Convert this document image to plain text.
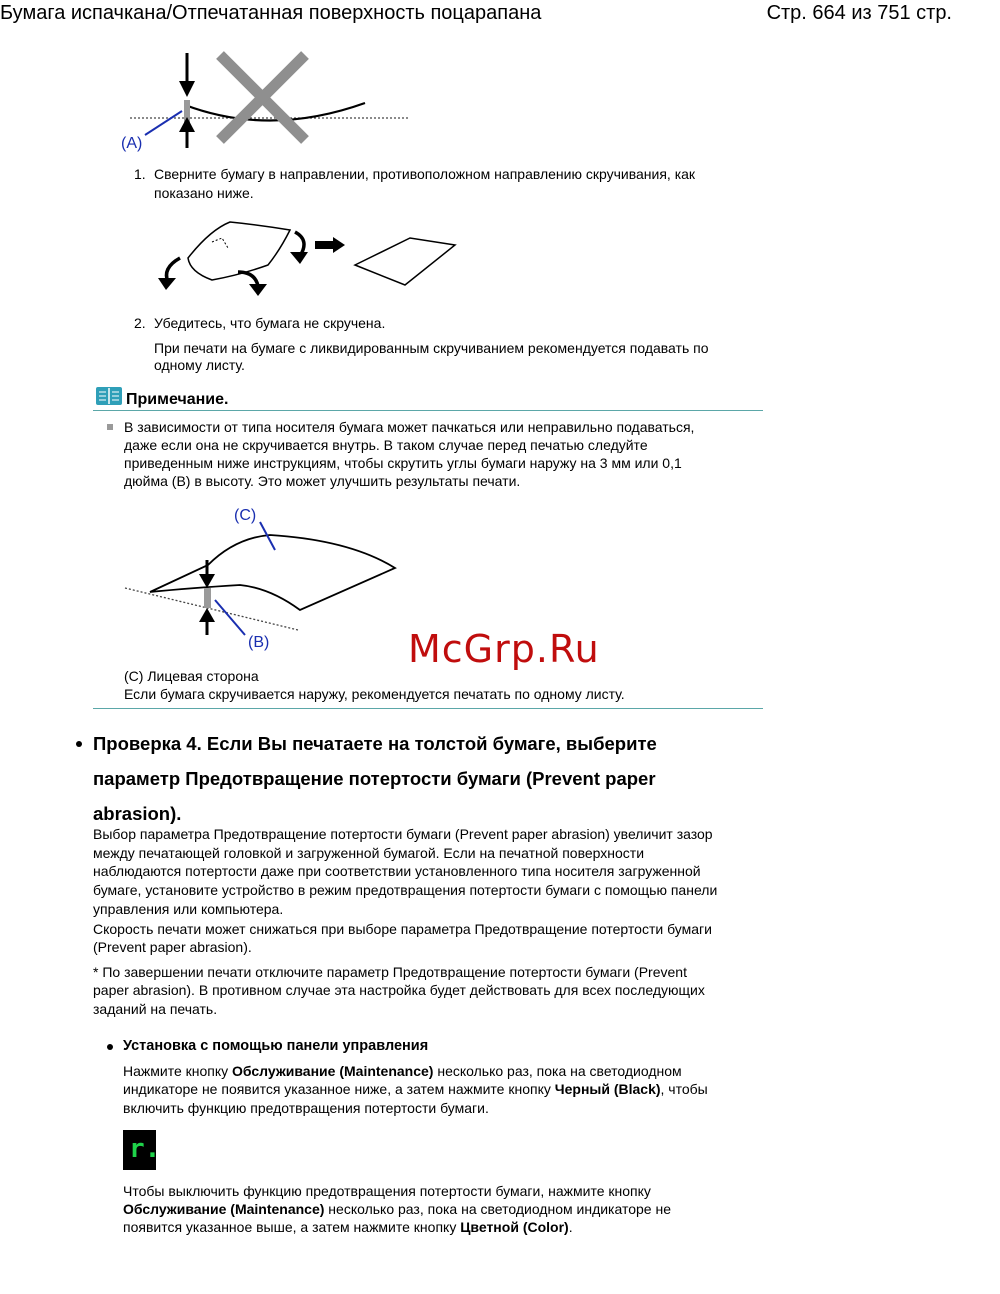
Бумага испачкана/Отпечатанная поверхность поцарапана	Стр. 664 из 751 стр.
(A)
1. Сверните бумагу в направлении, противоположном направлению скручивания, как
показано ниже.
2. Убедитесь, что бумага не скручена.
При печати на бумаге с ликвидированным скручиванием рекомендуется подавать по
одному листу.
Примечание.
В зависимости от типа носителя бумага может пачкаться или неправильно подаваться,
даже если она не скручивается внутрь. В таком случае перед печатью следуйте
приведенным ниже инструкциям, чтобы скрутить углы бумаги наружу на 3 мм или 0,1
дюйма (B) в высоту. Это может улучшить результаты печати.
(C)
(B)	McGrp.Ru
(C) Лицевая сторона
Если бумага скручивается наружу, рекомендуется печатать по одному листу.
Проверка 4. Если Вы печатаете на толстой бумаге, выберите
параметр Предотвращение потертости бумаги (Prevent paper
abrasion).
Выбор параметра Предотвращение потертости бумаги (Prevent paper abrasion) увеличит зазор
между печатающей головкой и загруженной бумагой. Если на печатной поверхности
наблюдаются потертости даже при соответствии установленного типа носителя загруженной
бумаге, установите устройство в режим предотвращения потертости бумаги с помощью панели
управления или компьютера.
Скорость печати может снижаться при выборе параметра Предотвращение потертости бумаги
(Prevent paper abrasion).
* По завершении печати отключите параметр Предотвращение потертости бумаги (Prevent
paper abrasion). В противном случае эта настройка будет действовать для всех последующих
заданий на печать.
Установка с помощью панели управления
Нажмите кнопку Обслуживание (Maintenance) несколько раз, пока на светодиодном
индикаторе не появится указанное ниже, а затем нажмите кнопку Черный (Black), чтобы
включить функцию предотвращения потертости бумаги.
r.
Чтобы выключить функцию предотвращения потертости бумаги, нажмите кнопку
Обслуживание (Maintenance) несколько раз, пока на светодиодном индикаторе не
появится указанное выше, а затем нажмите кнопку Цветной (Color).
